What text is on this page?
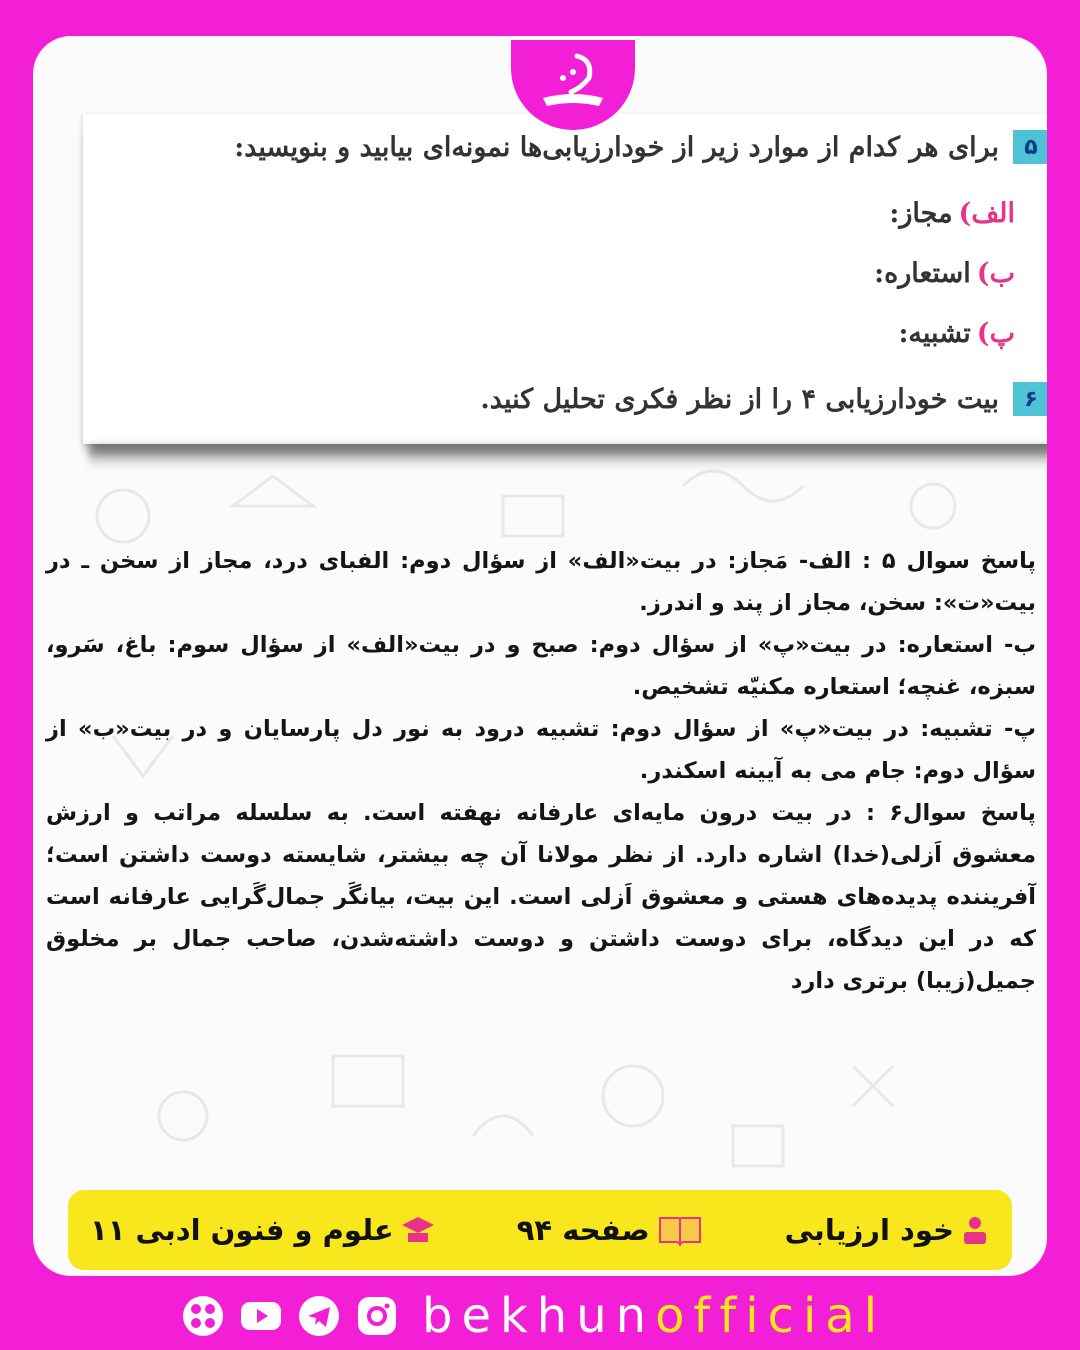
۵
برای هر کدام از موارد زیر از خودارزیابی‌ها نمونه‌ای بیابید و بنویسید:
الف)مجاز:
ب)استعاره:
پ)تشبیه:
۶
بیت خودارزیابی ۴ را از نظر فکری تحلیل کنید.

پاسخ سوال ۵ : الف- مَجاز: در بیت«الف» از سؤال دوم: الفبای درد، مجاز از سخن ـ در بیت«ت»: سخن، مجاز از پند و اندرز.

ب- استعاره: در بیت«پ» از سؤال دوم: صبح و در بیت«الف» از سؤال سوم: باغ، سَرو، سبزه، غنچه؛ استعاره مکنیّه تشخیص.

پ- تشبیه: در بیت«پ» از سؤال دوم: تشبیه درود به نور دل پارسایان و در بیت«ب» از سؤال دوم: جام می به آیینه اسکندر.

پاسخ سوال۶ : در بیت درون مایه‌ای عارفانه نهفته است. به سلسله مراتب و ارزش معشوق اَزلی(خدا) اشاره دارد. از نظر مولانا آن چه بیشتر، شایسته دوست داشتن است؛ آفریننده پدیده‌های هستی و معشوق اَزلی است. این بیت، بیانگَر جمال‌گَرایی عارفانه است که در این دیدگاه، برای دوست داشتن و دوست داشته‌شدن، صاحب جمال بر مخلوق جمیل(زیبا) برتری دارد

خود ارزیابی
صفحه ۹۴
علوم و فنون ادبی ۱۱
bekhunofficial
